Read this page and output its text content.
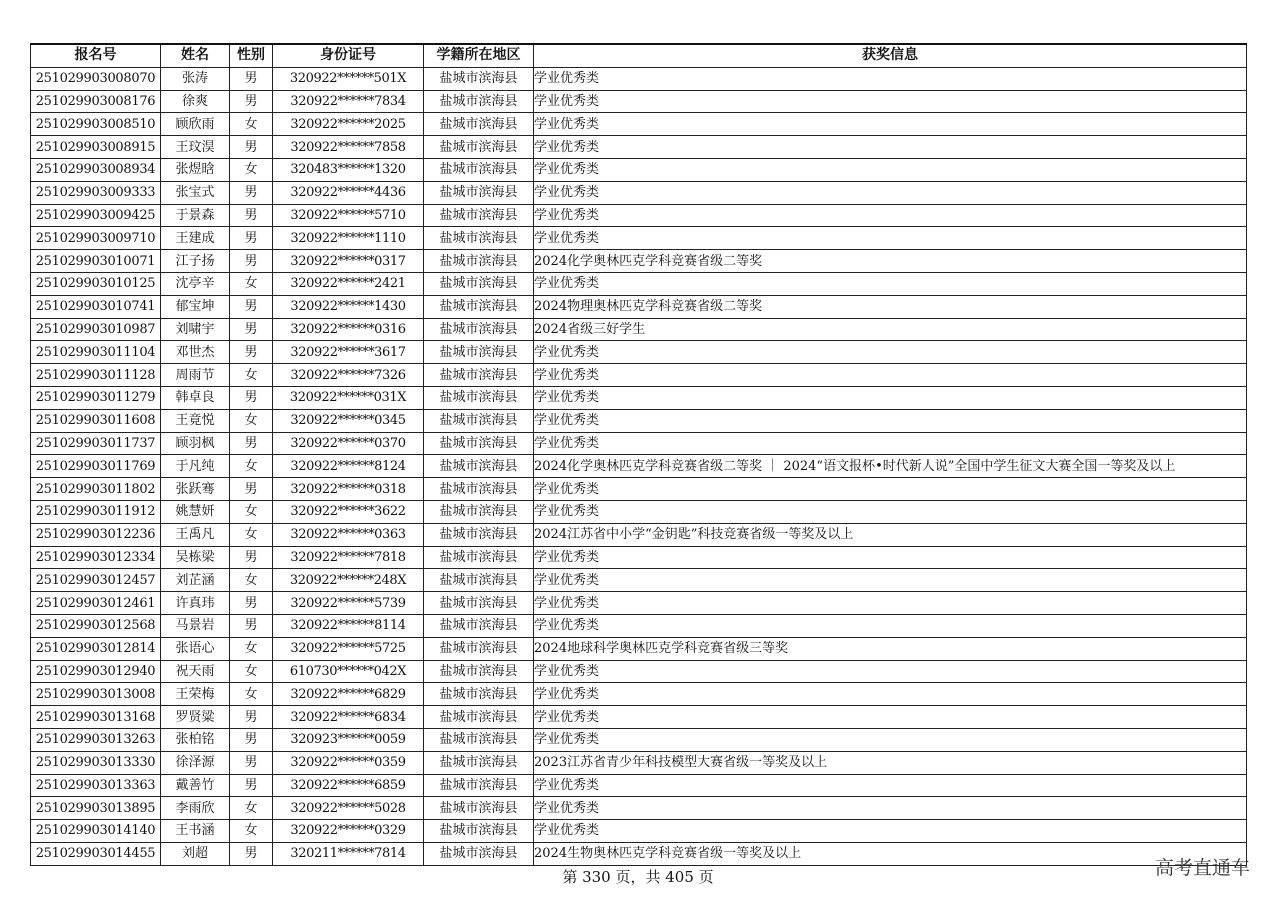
报名号	姓名	性别	身份证号	学籍所在地区	获奖信息
251029903008070	张涛	男	320922******501X	盐城市滨海县	学业优秀类
251029903008176	徐爽	男	320922******7834	盐城市滨海县	学业优秀类
251029903008510	顾欣雨	女	320922******2025	盐城市滨海县	学业优秀类
251029903008915	王玟淏	男	320922******7858	盐城市滨海县	学业优秀类
251029903008934	张煜晗	女	320483******1320	盐城市滨海县	学业优秀类
251029903009333	张宝式	男	320922******4436	盐城市滨海县	学业优秀类
251029903009425	于景森	男	320922******5710	盐城市滨海县	学业优秀类
251029903009710	王建成	男	320922******1110	盐城市滨海县	学业优秀类
251029903010071	江子扬	男	320922******0317	盐城市滨海县	2024化学奥林匹克学科竞赛省级二等奖
251029903010125	沈亭辛	女	320922******2421	盐城市滨海县	学业优秀类
251029903010741	郁宝坤	男	320922******1430	盐城市滨海县	2024物理奥林匹克学科竞赛省级二等奖
251029903010987	刘啸宇	男	320922******0316	盐城市滨海县	2024省级三好学生
251029903011104	邓世杰	男	320922******3617	盐城市滨海县	学业优秀类
251029903011128	周雨节	女	320922******7326	盐城市滨海县	学业优秀类
251029903011279	韩卓良	男	320922******031X	盐城市滨海县	学业优秀类
251029903011608	王竟悦	女	320922******0345	盐城市滨海县	学业优秀类
251029903011737	顾羽枫	男	320922******0370	盐城市滨海县	学业优秀类
251029903011769	于凡纯	女	320922******8124	盐城市滨海县	2024化学奥林匹克学科竞赛省级二等奖 ｜ 2024“语文报杯•时代新人说”全国中学生征文大赛全国一等奖及以上
251029903011802	张跃骞	男	320922******0318	盐城市滨海县	学业优秀类
251029903011912	姚慧妍	女	320922******3622	盐城市滨海县	学业优秀类
251029903012236	王禹凡	女	320922******0363	盐城市滨海县	2024江苏省中小学“金钥匙”科技竞赛省级一等奖及以上
251029903012334	吴栋梁	男	320922******7818	盐城市滨海县	学业优秀类
251029903012457	刘芷涵	女	320922******248X	盐城市滨海县	学业优秀类
251029903012461	许真玮	男	320922******5739	盐城市滨海县	学业优秀类
251029903012568	马景岩	男	320922******8114	盐城市滨海县	学业优秀类
251029903012814	张语心	女	320922******5725	盐城市滨海县	2024地球科学奥林匹克学科竞赛省级三等奖
251029903012940	祝天雨	女	610730******042X	盐城市滨海县	学业优秀类
251029903013008	王荣梅	女	320922******6829	盐城市滨海县	学业优秀类
251029903013168	罗贤粱	男	320922******6834	盐城市滨海县	学业优秀类
251029903013263	张柏铭	男	320923******0059	盐城市滨海县	学业优秀类
251029903013330	徐泽源	男	320922******0359	盐城市滨海县	2023江苏省青少年科技模型大赛省级一等奖及以上
251029903013363	戴善竹	男	320922******6859	盐城市滨海县	学业优秀类
251029903013895	李雨欣	女	320922******5028	盐城市滨海县	学业优秀类
251029903014140	王书涵	女	320922******0329	盐城市滨海县	学业优秀类
251029903014455	刘超	男	320211******7814	盐城市滨海县	2024生物奥林匹克学科竞赛省级一等奖及以上
第 330 页，共 405 页	高考直通车
